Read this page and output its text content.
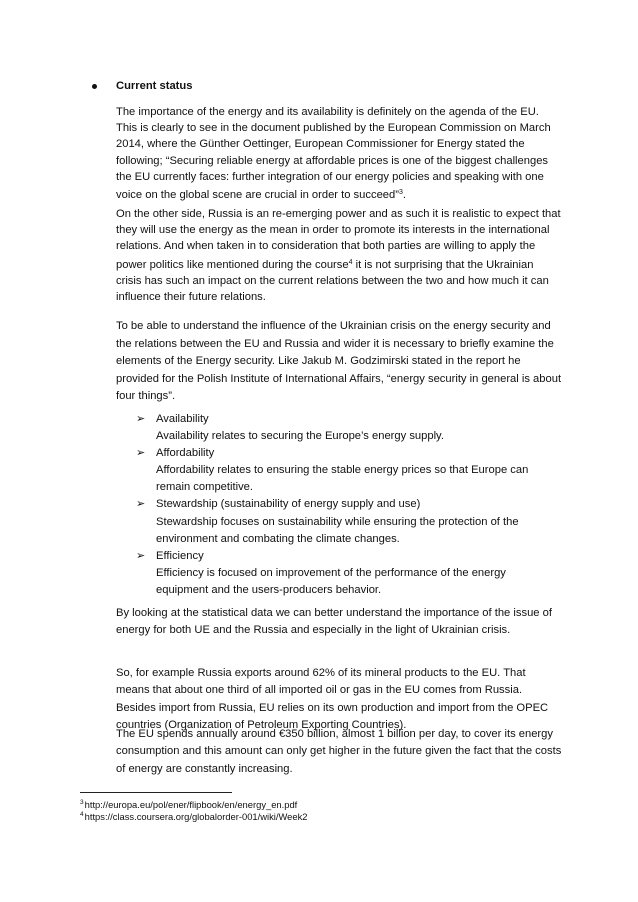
Current status

The importance of the energy and its availability is definitely on the agenda of the EU. This is clearly to see in the document published by the European Commission on March 2014, where the Günther Oettinger, European Commissioner for Energy stated the following; “Securing reliable energy at affordable prices is one of the biggest challenges the EU currently faces: further integration of our energy policies and speaking with one voice on the global scene are crucial in order to succeed”$^3$.

On the other side, Russia is an re-emerging power and as such it is realistic to expect that they will use the energy as the mean in order to promote its interests in the international relations. And when taken in to consideration that both parties are willing to apply the power politics like mentioned during the course$^4$ it is not surprising that the Ukrainian crisis has such an impact on the current relations between the two and how much it can influence their future relations.

To be able to understand the influence of the Ukrainian crisis on the energy security and the relations between the EU and Russia and wider it is necessary to briefly examine the elements of the Energy security. Like Jakub M. Godzimirski stated in the report he provided for the Polish Institute of International Affairs, “energy security in general is about four things”.

➢ Availability
Availability relates to securing the Europe’s energy supply.
➢ Affordability
Affordability relates to ensuring the stable energy prices so that Europe can remain competitive.
➢ Stewardship (sustainability of energy supply and use)
Stewardship focuses on sustainability while ensuring the protection of the environment and combating the climate changes.
➢ Efficiency
Efficiency is focused on improvement of the performance of the energy equipment and the users-producers behavior.

By looking at the statistical data we can better understand the importance of the issue of energy for both UE and the Russia and especially in the light of Ukrainian crisis.

So, for example Russia exports around 62% of its mineral products to the EU. That means that about one third of all imported oil or gas in the EU comes from Russia. Besides import from Russia, EU relies on its own production and import from the OPEC countries (Organization of Petroleum Exporting Countries).

The EU spends annually around €350 billion, almost 1 billion per day, to cover its energy consumption and this amount can only get higher in the future given the fact that the costs of energy are constantly increasing.

$^3$http://europa.eu/pol/ener/flipbook/en/energy_en.pdf
$^4$https://class.coursera.org/globalorder-001/wiki/Week2
